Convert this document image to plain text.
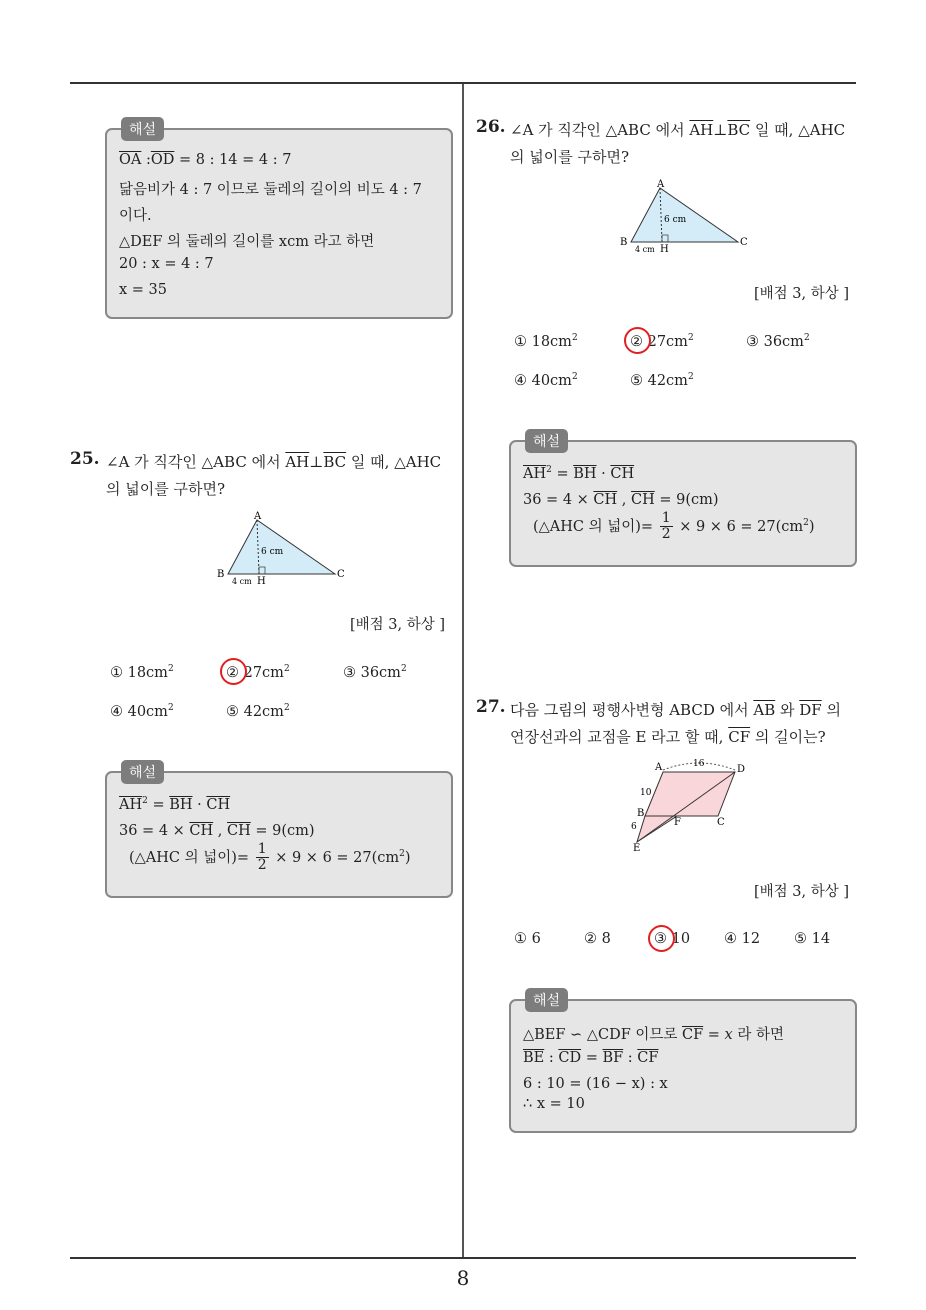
8
해설
$\overline{OA}$ $:\overline{OD} = 8$ : 14 = 4 : 7
닮음비가 4 : 7 이므로 둘레의 길이의 비도 4 : 7
이다.
△DEF 의 둘레의 길이를 xcm 라고 하면
20 : x = 4 : 7
x = 35
25. ∠A 가 직각인 △ABC 에서 $\overline{AH}\perp\overline{BC}$ 일 때, △AHC
의 넓이를 구하면?
A
B	C
H
6 cm
4 cm
[배점 3, 하상 ]
① $18cm^2$	② $27cm^2$	③ $36cm^2$
④ $40cm^2$	⑤ $42cm^2$
해설
$\overline{AH}^2 = \overline{BH} \cdot \overline{CH}$
$36 = 4 \times \overline{CH}$ , $\overline{CH} = 9(cm)$
(△AHC 의 넓이)= $\frac{1}{2} \times 9 \times 6 = 27(cm^2)$
26. ∠A 가 직각인 △ABC 에서 $\overline{AH}\perp\overline{BC}$ 일 때, △AHC
의 넓이를 구하면?
A
B	C
H
6 cm
4 cm
[배점 3, 하상 ]
① $18cm^2$	② $27cm^2$	③ $36cm^2$
④ $40cm^2$	⑤ $42cm^2$
해설
$\overline{AH}^2 = \overline{BH} \cdot \overline{CH}$
$36 = 4 \times \overline{CH}$ , $\overline{CH} = 9(cm)$
(△AHC 의 넓이)= $\frac{1}{2} \times 9 \times 6 = 27(cm^2)$
27. 다음 그림의 평행사변형 ABCD 에서 $\overline{AB}$ 와 $\overline{DF}$ 의
연장선과의 교점을 E 라고 할 때, $\overline{CF}$ 의 길이는?
A	D
B
C
F
E
16
10
6
[배점 3, 하상 ]
① 6	② 8	③ 10 ④ 12 ⑤ 14
해설
△BEF ∽ △CDF 이므로 $\overline{CF} = x$ 라 하면
$\overline{BE}$ : $\overline{CD} = \overline{BF}$ : $\overline{CF}$
6 : 10 = (16 − x) : x
∴ x = 10
